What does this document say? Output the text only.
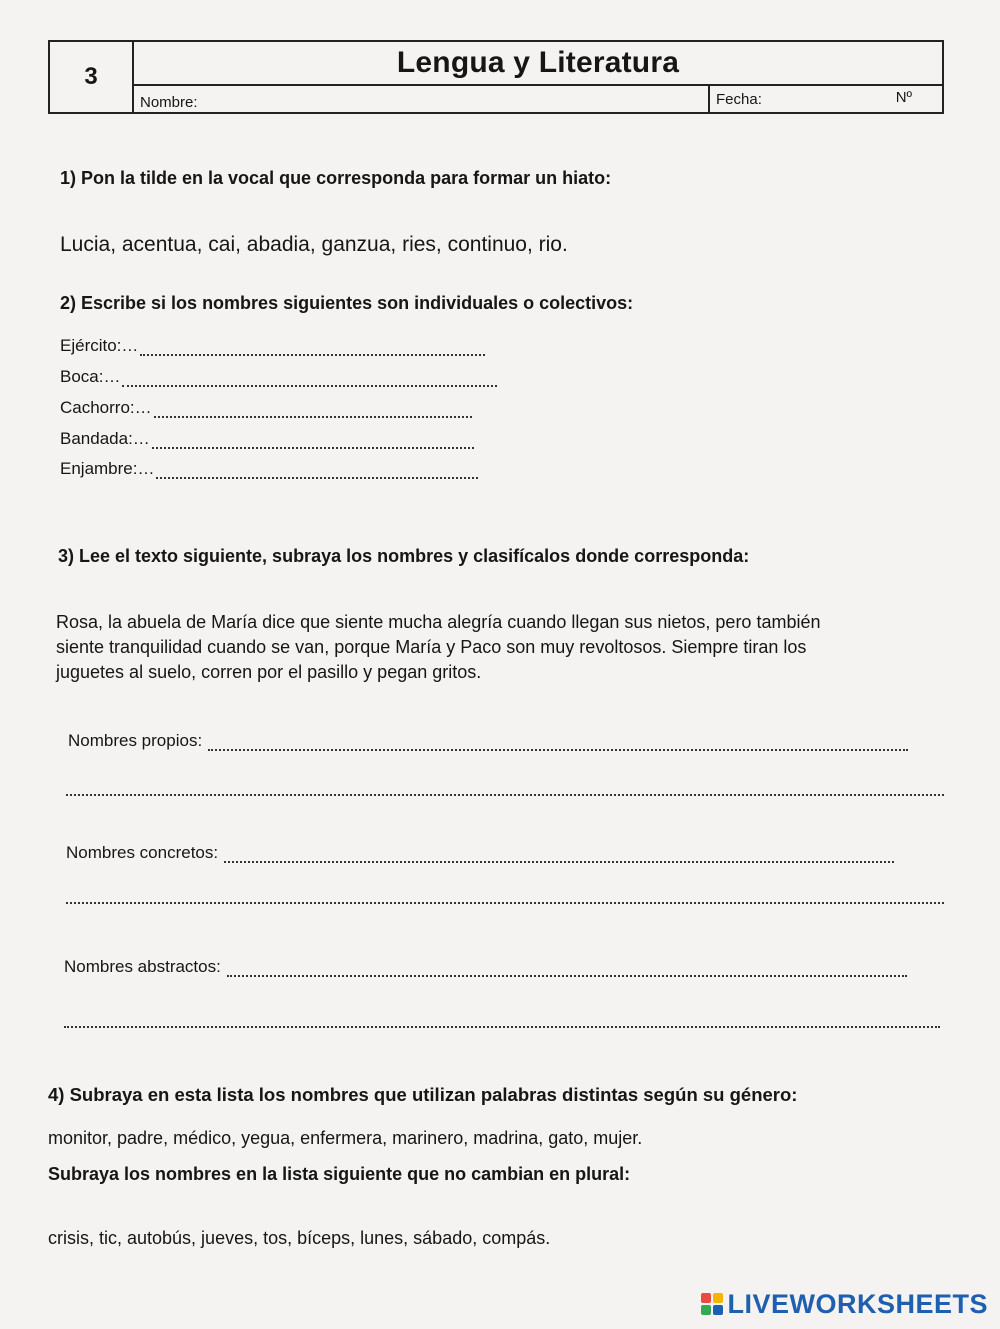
3	Lengua y Literatura
Nombre:	Fecha:	Nº
1) Pon la tilde en la vocal que corresponda para formar un hiato:
Lucia, acentua, cai, abadia, ganzua, ries, continuo, rio.
2) Escribe si los nombres siguientes son individuales o colectivos:
Ejército:…
Boca:…
Cachorro:…
Bandada:…
Enjambre:…
3) Lee el texto siguiente, subraya los nombres y clasifícalos donde corresponda:
Rosa, la abuela de María dice que siente mucha alegría cuando llegan sus nietos, pero también
siente tranquilidad cuando se van, porque María y Paco son muy revoltosos. Siempre tiran los
juguetes al suelo, corren por el pasillo y pegan gritos.
Nombres propios:
Nombres concretos:
Nombres abstractos:
4) Subraya en esta lista los nombres que utilizan palabras distintas según su género:
monitor, padre, médico, yegua, enfermera, marinero, madrina, gato, mujer.
Subraya los nombres en la lista siguiente que no cambian en plural:
crisis, tic, autobús, jueves, tos, bíceps, lunes, sábado, compás.
LIVEWORKSHEETS
